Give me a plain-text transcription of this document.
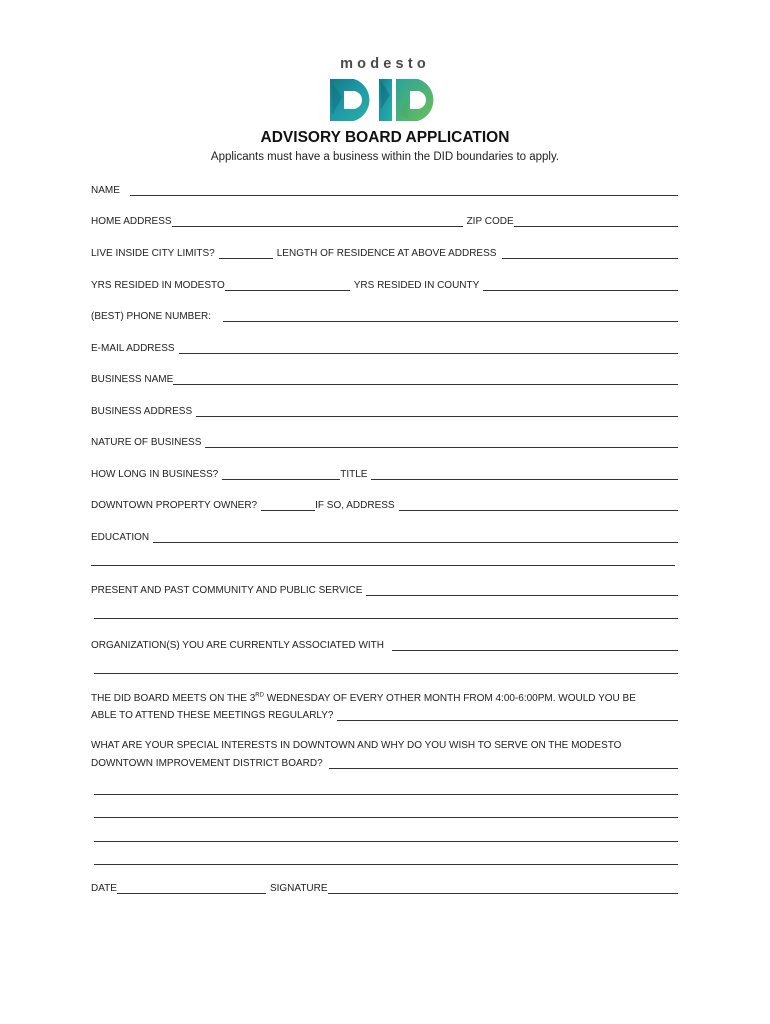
modesto
ADVISORY BOARD APPLICATION
Applicants must have a business within the DID boundaries to apply.
NAME
HOME ADDRESS	ZIP CODE
LIVE INSIDE CITY LIMITS?	LENGTH OF RESIDENCE AT ABOVE ADDRESS
YRS RESIDED IN MODESTO	YRS RESIDED IN COUNTY
(BEST) PHONE NUMBER:
E-MAIL ADDRESS
BUSINESS NAME
BUSINESS ADDRESS
NATURE OF BUSINESS
HOW LONG IN BUSINESS?	TITLE
DOWNTOWN PROPERTY OWNER?	IF SO, ADDRESS
EDUCATION
PRESENT AND PAST COMMUNITY AND PUBLIC SERVICE
ORGANIZATION(S) YOU ARE CURRENTLY ASSOCIATED WITH
THE DID BOARD MEETS ON THE 3RD WEDNESDAY OF EVERY OTHER MONTH FROM 4:00-6:00PM. WOULD YOU BE
ABLE TO ATTEND THESE MEETINGS REGULARLY?
WHAT ARE YOUR SPECIAL INTERESTS IN DOWNTOWN AND WHY DO YOU WISH TO SERVE ON THE MODESTO
DOWNTOWN IMPROVEMENT DISTRICT BOARD?
DATE	SIGNATURE
